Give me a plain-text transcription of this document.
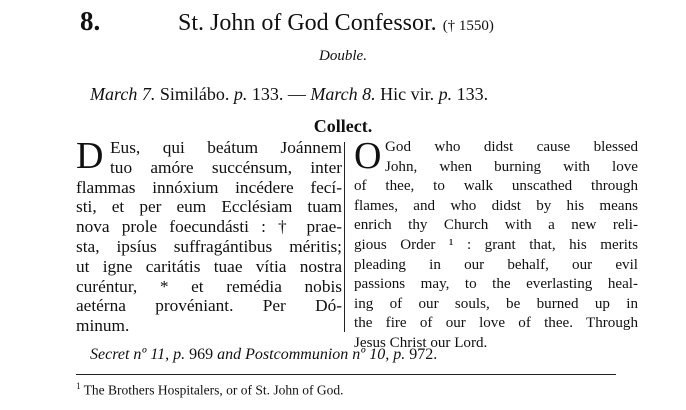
8.	St. John of God Confessor. († 1550)
Double.
March 7. Similábo. p. 133. — March 8. Hic vir. p. 133.
Collect.
D Eus, qui beátum Joánnem
tuo amóre succénsum, inter
flammas innóxium incédere fecí-
sti, et per eum Ecclésiam tuam
nova prole foecundásti : † prae-
sta, ipsíus suffragántibus méritis;
ut igne caritátis tuae vítia nostra
curéntur, * et remédia nobis
aetérna provéniant. Per Dó-
minum.
O God who didst cause blessed
John, when burning with love
of thee, to walk unscathed through
flames, and who didst by his means
enrich thy Church with a new reli-
gious Order ¹ : grant that, his merits
pleading in our behalf, our evil
passions may, to the everlasting heal-
ing of our souls, be burned up in
the fire of our love of thee. Through
Jesus Christ our Lord.
Secret nº 11, p. 969 and Postcommunion nº 10, p. 972.
$^1$ The Brothers Hospitalers, or of St. John of God.
